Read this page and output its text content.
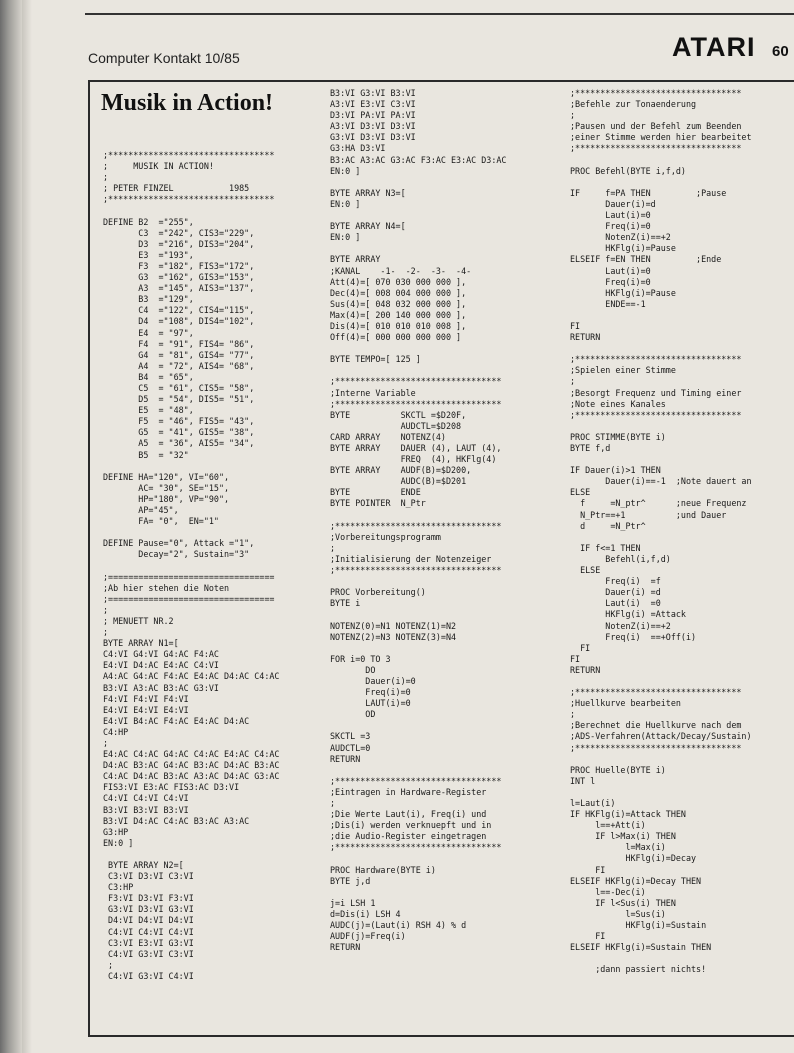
Computer Kontakt 10/85	ATARI 60
Musik in Action!
;*********************************
;     MUSIK IN ACTION!
;
; PETER FINZEL           1985
;*********************************

DEFINE B2  ="255",
C3  ="242", CIS3="229",
D3  ="216", DIS3="204",
E3  ="193",
F3  ="182", FIS3="172",
G3  ="162", GIS3="153",
A3  ="145", AIS3="137",
B3  ="129",
C4  ="122", CIS4="115",
D4  ="108", DIS4="102",
E4  = "97",
F4  = "91", FIS4= "86",
G4  = "81", GIS4= "77",
A4  = "72", AIS4= "68",
B4  = "65",
C5  = "61", CIS5= "58",
D5  = "54", DIS5= "51",
E5  = "48",
F5  = "46", FIS5= "43",
G5  = "41", GIS5= "38",
A5  = "36", AIS5= "34",
B5  = "32"

DEFINE HA="120", VI="60",
AC= "30", SE="15",
HP="180", VP="90",
AP="45",
FA= "0",  EN="1"

DEFINE Pause="0", Attack ="1",
Decay="2", Sustain="3"

;=================================
;Ab hier stehen die Noten
;=================================
;
; MENUETT NR.2
;
BYTE ARRAY N1=[
C4:VI G4:VI G4:AC F4:AC
E4:VI D4:AC E4:AC C4:VI
A4:AC G4:AC F4:AC E4:AC D4:AC C4:AC
B3:VI A3:AC B3:AC G3:VI
F4:VI F4:VI F4:VI
E4:VI E4:VI E4:VI
E4:VI B4:AC F4:AC E4:AC D4:AC
C4:HP
;
E4:AC C4:AC G4:AC C4:AC E4:AC C4:AC
D4:AC B3:AC G4:AC B3:AC D4:AC B3:AC
C4:AC D4:AC B3:AC A3:AC D4:AC G3:AC
FIS3:VI E3:AC FIS3:AC D3:VI
C4:VI C4:VI C4:VI
B3:VI B3:VI B3:VI
B3:VI D4:AC C4:AC B3:AC A3:AC
G3:HP
EN:0 ]

BYTE ARRAY N2=[
C3:VI D3:VI C3:VI
C3:HP
F3:VI D3:VI F3:VI
G3:VI D3:VI G3:VI
D4:VI D4:VI D4:VI
C4:VI C4:VI C4:VI
C3:VI E3:VI G3:VI
C4:VI G3:VI C3:VI
;
C4:VI G3:VI C4:VI
B3:VI G3:VI B3:VI
A3:VI E3:VI C3:VI
D3:VI PA:VI PA:VI
A3:VI D3:VI D3:VI
G3:VI D3:VI D3:VI
G3:HA D3:VI
B3:AC A3:AC G3:AC F3:AC E3:AC D3:AC
EN:0 ]

BYTE ARRAY N3=[
EN:0 ]

BYTE ARRAY N4=[
EN:0 ]

BYTE ARRAY
;KANAL    -1-  -2-  -3-  -4-
Att(4)=[ 070 030 000 000 ],
Dec(4)=[ 008 004 000 000 ],
Sus(4)=[ 048 032 000 000 ],
Max(4)=[ 200 140 000 000 ],
Dis(4)=[ 010 010 010 008 ],
Off(4)=[ 000 000 000 000 ]

BYTE TEMPO=[ 125 ]

;*********************************
;Interne Variable
;*********************************
BYTE          SKCTL =$D20F,
AUDCTL=$D208
CARD ARRAY    NOTENZ(4)
BYTE ARRAY    DAUER (4), LAUT (4),
FREQ  (4), HKFlg(4)
BYTE ARRAY    AUDF(B)=$D200,
AUDC(B)=$D201
BYTE          ENDE
BYTE POINTER  N_Ptr

;*********************************
;Vorbereitungsprogramm
;
;Initialisierung der Notenzeiger
;*********************************

PROC Vorbereitung()
BYTE i

NOTENZ(0)=N1 NOTENZ(1)=N2
NOTENZ(2)=N3 NOTENZ(3)=N4

FOR i=0 TO 3
DO
Dauer(i)=0
Freq(i)=0
LAUT(i)=0
OD

SKCTL =3
AUDCTL=0
RETURN

;*********************************
;Eintragen in Hardware-Register
;
;Die Werte Laut(i), Freq(i) und
;Dis(i) werden verknuepft und in
;die Audio-Register eingetragen
;*********************************

PROC Hardware(BYTE i)
BYTE j,d

j=i LSH 1
d=Dis(i) LSH 4
AUDC(j)=(Laut(i) RSH 4) % d
AUDF(j)=Freq(i)
RETURN
;*********************************
;Befehle zur Tonaenderung
;
;Pausen und der Befehl zum Beenden
;einer Stimme werden hier bearbeitet
;*********************************

PROC Befehl(BYTE i,f,d)

IF     f=PA THEN         ;Pause
Dauer(i)=d
Laut(i)=0
Freq(i)=0
NotenZ(i)==+2
HKFlg(i)=Pause
ELSEIF f=EN THEN         ;Ende
Laut(i)=0
Freq(i)=0
HKFlg(i)=Pause
ENDE==-1

FI
RETURN

;*********************************
;Spielen einer Stimme
;
;Besorgt Frequenz und Timing einer
;Note eines Kanales
;*********************************

PROC STIMME(BYTE i)
BYTE f,d

IF Dauer(i)>1 THEN
Dauer(i)==-1  ;Note dauert an
ELSE
f     =N_ptr^      ;neue Frequenz
N_Ptr==+1          ;und Dauer
d     =N_Ptr^

IF f<=1 THEN
Befehl(i,f,d)
ELSE
Freq(i)  =f
Dauer(i) =d
Laut(i)  =0
HKFlg(i) =Attack
NotenZ(i)==+2
Freq(i)  ==+Off(i)
FI
FI
RETURN

;*********************************
;Huellkurve bearbeiten
;
;Berechnet die Huellkurve nach dem
;ADS-Verfahren(Attack/Decay/Sustain)
;*********************************

PROC Huelle(BYTE i)
INT l

l=Laut(i)
IF HKFlg(i)=Attack THEN
l==+Att(i)
IF l>Max(i) THEN
l=Max(i)
HKFlg(i)=Decay
FI
ELSEIF HKFlg(i)=Decay THEN
l==-Dec(i)
IF l<Sus(i) THEN
l=Sus(i)
HKFlg(i)=Sustain
FI
ELSEIF HKFlg(i)=Sustain THEN

;dann passiert nichts!
